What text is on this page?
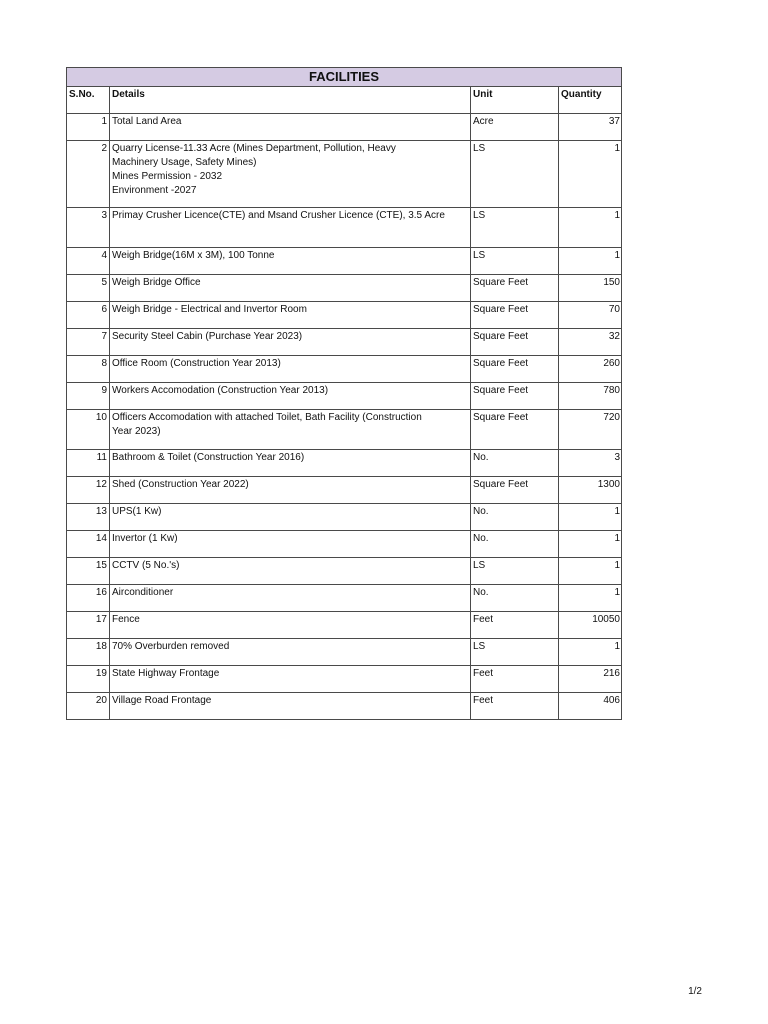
FACILITIES			
S.No.	Details	Unit	Quantity
1	Total Land Area	Acre	37
2	Quarry License-11.33 Acre (Mines Department, Pollution, Heavy
Machinery Usage, Safety Mines)
Mines Permission - 2032
Environment -2027	LS	1
3	Primay Crusher Licence(CTE) and Msand Crusher Licence (CTE), 3.5 Acre	LS	1
4	Weigh Bridge(16M x 3M), 100 Tonne	LS	1
5	Weigh Bridge Office	Square Feet	150
6	Weigh Bridge - Electrical and Invertor Room	Square Feet	70
7	Security Steel Cabin (Purchase Year 2023)	Square Feet	32
8	Office Room (Construction Year 2013)	Square Feet	260
9	Workers Accomodation (Construction Year 2013)	Square Feet	780
10	Officers Accomodation with attached Toilet, Bath Facility (Construction
Year 2023)	Square Feet	720
11	Bathroom & Toilet (Construction Year 2016)	No.	3
12	Shed (Construction Year 2022)	Square Feet	1300
13	UPS(1 Kw)	No.	1
14	Invertor (1 Kw)	No.	1
15	CCTV (5 No.'s)	LS	1
16	Airconditioner	No.	1
17	Fence	Feet	10050
18	70% Overburden removed	LS	1
19	State Highway Frontage	Feet	216
20	Village Road Frontage	Feet	406
1/2
